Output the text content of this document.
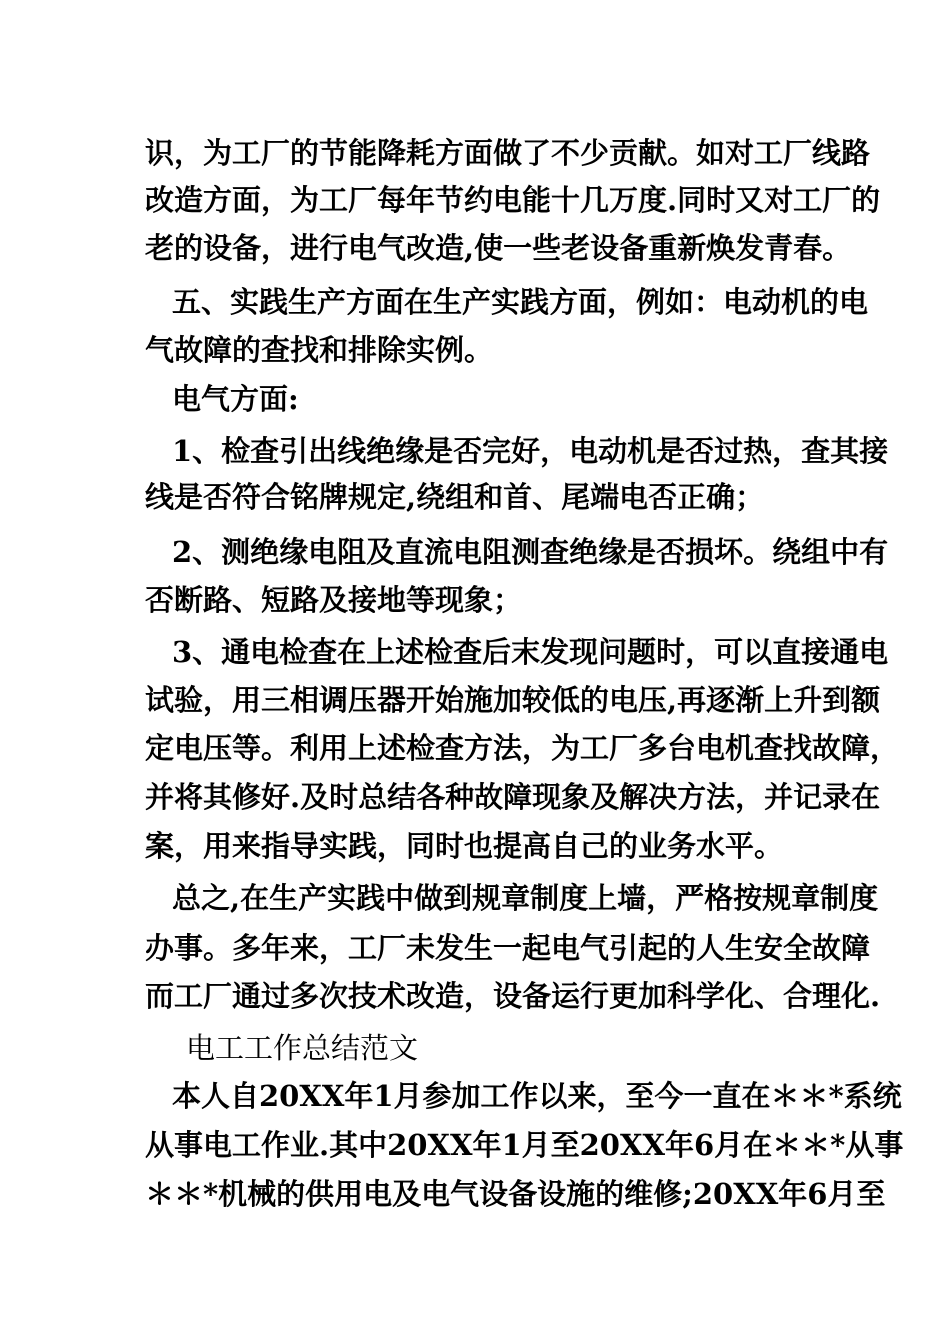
识，为工厂的节能降耗方面做了不少贡献。如对工厂线路
改造方面，为工厂每年节约电能十几万度.同时又对工厂的
老的设备，进行电气改造,使一些老设备重新焕发青春。
五、实践生产方面在生产实践方面，例如：电动机的电
气故障的查找和排除实例。
电气方面:
1、检查引出线绝缘是否完好，电动机是否过热，查其接
线是否符合铭牌规定,绕组和首、尾端电否正确；
2、测绝缘电阻及直流电阻测查绝缘是否损坏。绕组中有
否断路、短路及接地等现象；
3、通电检查在上述检查后末发现问题时，可以直接通电
试验，用三相调压器开始施加较低的电压,再逐渐上升到额
定电压等。利用上述检查方法，为工厂多台电机查找故障，
并将其修好.及时总结各种故障现象及解决方法，并记录在
案，用来指导实践，同时也提高自己的业务水平。
总之,在生产实践中做到规章制度上墙，严格按规章制度
办事。多年来，工厂未发生一起电气引起的人生安全故障
而工厂通过多次技术改造，设备运行更加科学化、合理化.
电工工作总结范文
本人自20XX年1月参加工作以来，至今一直在＊＊*系统
从事电工作业.其中20XX年1月至20XX年6月在＊＊*从事
＊＊*机械的供用电及电气设备设施的维修;20XX年6月至
